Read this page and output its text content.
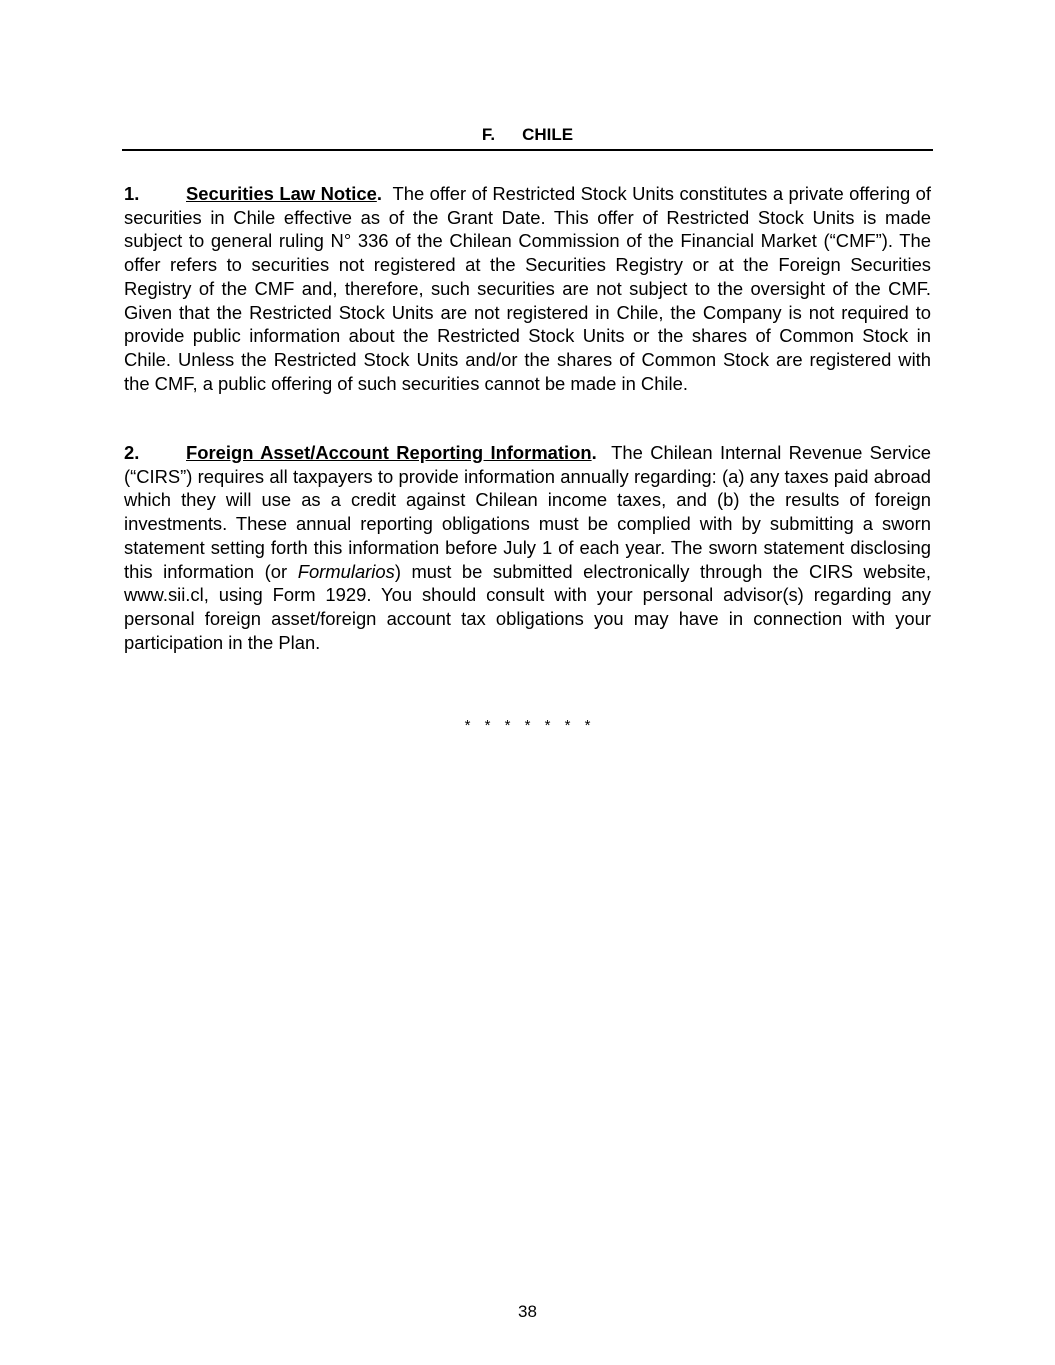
F. CHILE

1.	Securities Law Notice. The offer of Restricted Stock Units constitutes a private offering of securities in Chile effective as of the Grant Date. This offer of Restricted Stock Units is made subject to general ruling N° 336 of the Chilean Commission of the Financial Market (“CMF”). The offer refers to securities not registered at the Securities Registry or at the Foreign Securities Registry of the CMF and, therefore, such securities are not subject to the oversight of the CMF. Given that the Restricted Stock Units are not registered in Chile, the Company is not required to provide public information about the Restricted Stock Units or the shares of Common Stock in Chile. Unless the Restricted Stock Units and/or the shares of Common Stock are registered with the CMF, a public offering of such securities cannot be made in Chile.

2.	Foreign Asset/Account Reporting Information. The Chilean Internal Revenue Service (“CIRS”) requires all taxpayers to provide information annually regarding: (a) any taxes paid abroad which they will use as a credit against Chilean income taxes, and (b) the results of foreign investments. These annual reporting obligations must be complied with by submitting a sworn statement setting forth this information before July 1 of each year. The sworn statement disclosing this information (or Formularios) must be submitted electronically through the CIRS website, www.sii.cl, using Form 1929. You should consult with your personal advisor(s) regarding any personal foreign asset/foreign account tax obligations you may have in connection with your participation in the Plan.

* * * * * * *
38
